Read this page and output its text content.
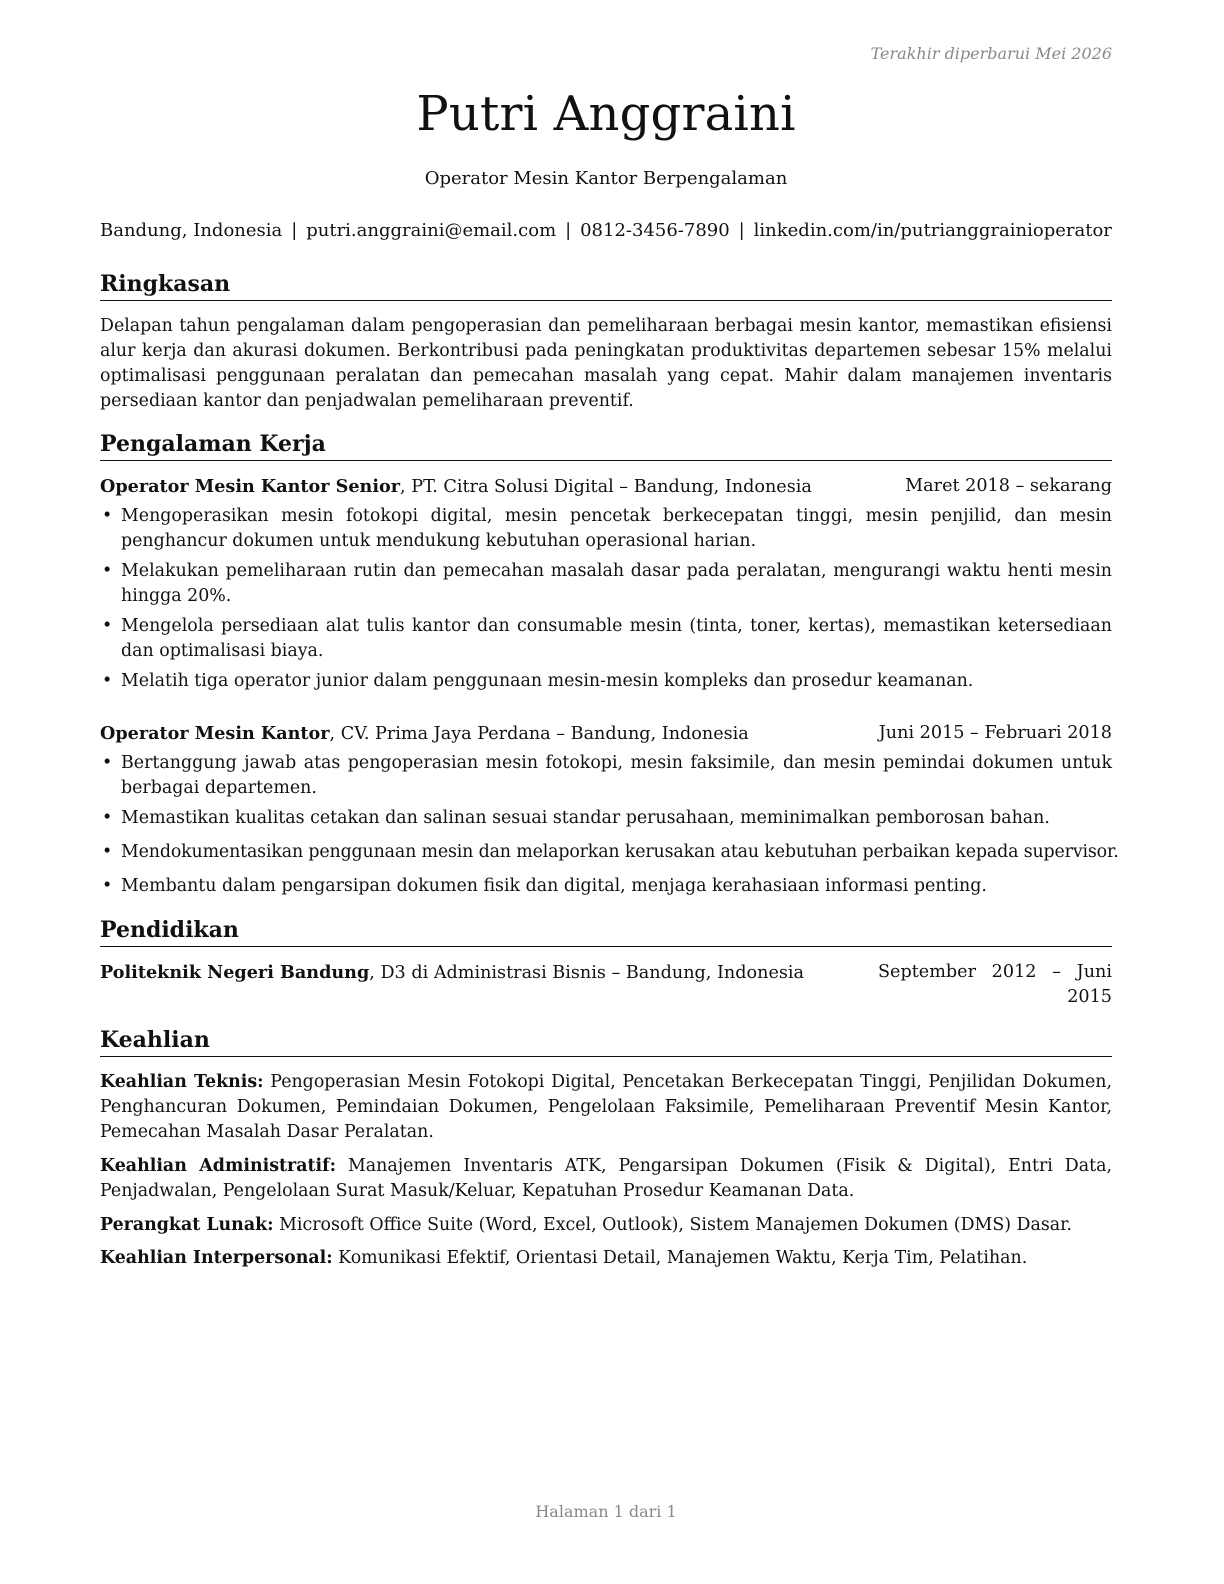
Terakhir diperbarui Mei 2026
Putri Anggraini
Operator Mesin Kantor Berpengalaman
Bandung, Indonesia | putri.anggraini@email.com | 0812-3456-7890 | linkedin.com/in/putrianggrainioperator
Ringkasan

Delapan tahun pengalaman dalam pengoperasian dan pemeliharaan berbagai mesin kantor, memastikan efisiensi alur kerja dan akurasi dokumen. Berkontribusi pada peningkatan produktivitas departemen sebesar 15% melalui optimalisasi penggunaan peralatan dan pemecahan masalah yang cepat. Mahir dalam manajemen inventaris persediaan kantor dan penjadwalan pemeliharaan preventif.

Pengalaman Kerja
Operator Mesin Kantor Senior, PT. Citra Solusi Digital – Bandung, Indonesia	Maret 2018 – sekarang
• Mengoperasikan mesin fotokopi digital, mesin pencetak berkecepatan tinggi, mesin penjilid, dan mesin penghancur dokumen untuk mendukung kebutuhan operasional harian.
• Melakukan pemeliharaan rutin dan pemecahan masalah dasar pada peralatan, mengurangi waktu henti mesin hingga 20%.
• Mengelola persediaan alat tulis kantor dan consumable mesin (tinta, toner, kertas), memastikan ketersediaan dan optimalisasi biaya.
• Melatih tiga operator junior dalam penggunaan mesin-mesin kompleks dan prosedur keamanan.
Operator Mesin Kantor, CV. Prima Jaya Perdana – Bandung, Indonesia	Juni 2015 – Februari 2018
• Bertanggung jawab atas pengoperasian mesin fotokopi, mesin faksimile, dan mesin pemindai dokumen untuk berbagai departemen.
• Memastikan kualitas cetakan dan salinan sesuai standar perusahaan, meminimalkan pemborosan bahan.
• Mendokumentasikan penggunaan mesin dan melaporkan kerusakan atau kebutuhan perbaikan kepada supervisor.
• Membantu dalam pengarsipan dokumen fisik dan digital, menjaga kerahasiaan informasi penting.
Pendidikan
Politeknik Negeri Bandung, D3 di Administrasi Bisnis – Bandung, Indonesia	September 2012 – Juni 2015
Keahlian

Keahlian Teknis: Pengoperasian Mesin Fotokopi Digital, Pencetakan Berkecepatan Tinggi, Penjilidan Dokumen, Penghancuran Dokumen, Pemindaian Dokumen, Pengelolaan Faksimile, Pemeliharaan Preventif Mesin Kantor, Pemecahan Masalah Dasar Peralatan.

Keahlian Administratif: Manajemen Inventaris ATK, Pengarsipan Dokumen (Fisik & Digital), Entri Data, Penjadwalan, Pengelolaan Surat Masuk/Keluar, Kepatuhan Prosedur Keamanan Data.

Perangkat Lunak: Microsoft Office Suite (Word, Excel, Outlook), Sistem Manajemen Dokumen (DMS) Dasar.

Keahlian Interpersonal: Komunikasi Efektif, Orientasi Detail, Manajemen Waktu, Kerja Tim, Pelatihan.

Halaman 1 dari 1
